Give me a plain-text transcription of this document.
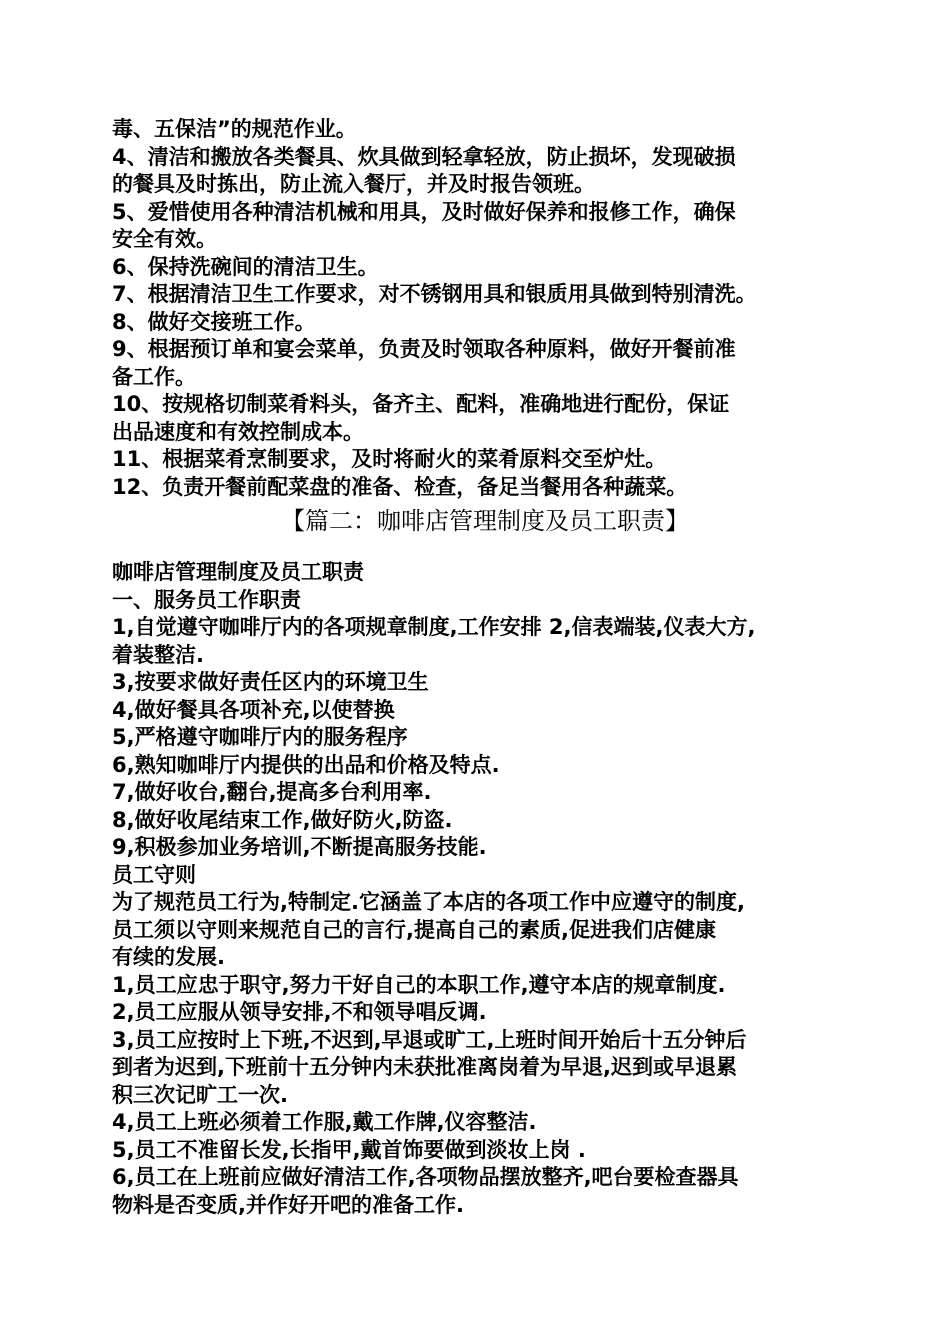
毒、五保洁”的规范作业。
4、清洁和搬放各类餐具、炊具做到轻拿轻放，防止损坏，发现破损
的餐具及时拣出，防止流入餐厅，并及时报告领班。
5、爱惜使用各种清洁机械和用具，及时做好保养和报修工作，确保
安全有效。
6、保持洗碗间的清洁卫生。
7、根据清洁卫生工作要求，对不锈钢用具和银质用具做到特别清洗。
8、做好交接班工作。
9、根据预订单和宴会菜单，负责及时领取各种原料，做好开餐前准
备工作。
10、按规格切制菜肴料头，备齐主、配料，准确地进行配份，保证
出品速度和有效控制成本。
11、根据菜肴烹制要求，及时将耐火的菜肴原料交至炉灶。
12、负责开餐前配菜盘的准备、检查，备足当餐用各种蔬菜。
【篇二：咖啡店管理制度及员工职责】
咖啡店管理制度及员工职责
一、服务员工作职责
1,自觉遵守咖啡厅内的各项规章制度,工作安排 2,信表端装,仪表大方,
着装整洁.
3,按要求做好责任区内的环境卫生
4,做好餐具各项补充,以使替换
5,严格遵守咖啡厅内的服务程序
6,熟知咖啡厅内提供的出品和价格及特点.
7,做好收台,翻台,提高多台利用率.
8,做好收尾结束工作,做好防火,防盗.
9,积极参加业务培训,不断提高服务技能.
员工守则
为了规范员工行为,特制定.它涵盖了本店的各项工作中应遵守的制度,
员工须以守则来规范自己的言行,提高自己的素质,促进我们店健康
有续的发展.
1,员工应忠于职守,努力干好自己的本职工作,遵守本店的规章制度.
2,员工应服从领导安排,不和领导唱反调.
3,员工应按时上下班,不迟到,早退或旷工,上班时间开始后十五分钟后
到者为迟到,下班前十五分钟内未获批准离岗着为早退,迟到或早退累
积三次记旷工一次.
4,员工上班必须着工作服,戴工作牌,仪容整洁.
5,员工不准留长发,长指甲,戴首饰要做到淡妆上岗 .
6,员工在上班前应做好清洁工作,各项物品摆放整齐,吧台要检查器具
物料是否变质,并作好开吧的准备工作.
